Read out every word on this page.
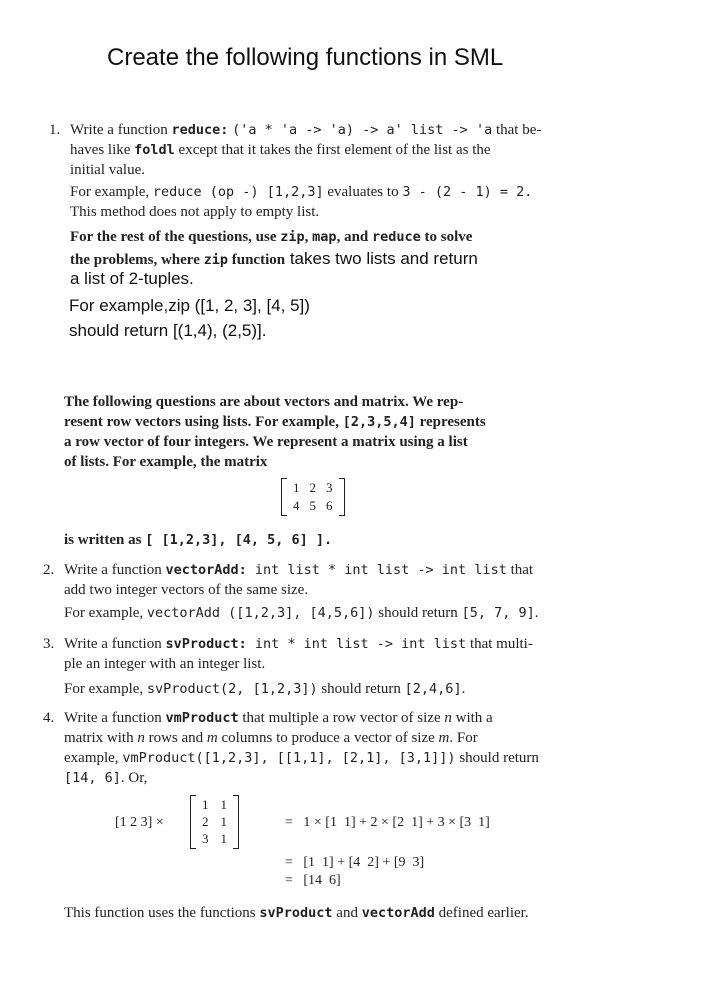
Create the following functions in SML
1. Write a function reduce: ('a * 'a -> 'a) -> a' list -> 'a that be-
haves like foldl except that it takes the first element of the list as the
initial value.
For example, reduce (op -) [1,2,3] evaluates to 3 - (2 - 1) = 2.
This method does not apply to empty list.
For the rest of the questions, use zip, map, and reduce to solve
the problems, where zip function takes two lists and return
a list of 2-tuples.
For example,zip ([1, 2, 3], [4, 5])
should return [(1,4), (2,5)].
The following questions are about vectors and matrix. We rep-
resent row vectors using lists. For example, [2,3,5,4] represents
a row vector of four integers. We represent a matrix using a list
of lists. For example, the matrix
1 2 3
4 5 6
is written as [ [1,2,3], [4, 5, 6] ].
2. Write a function vectorAdd: int list * int list -> int list that
add two integer vectors of the same size.
For example, vectorAdd ([1,2,3], [4,5,6]) should return [5, 7, 9].
3. Write a function svProduct: int * int list -> int list that multi-
ple an integer with an integer list.
For example, svProduct(2, [1,2,3]) should return [2,4,6].
4. Write a function vmProduct that multiple a row vector of size n with a
matrix with n rows and m columns to produce a vector of size m. For
example, vmProduct([1,2,3], [[1,1], [2,1], [3,1]]) should return
[14, 6]. Or,
[1 2 3] ×
1 1
2 1
3 1
=   1 × [1  1] + 2 × [2  1] + 3 × [3  1]
=   [1  1] + [4  2] + [9  3]
=   [14  6]
This function uses the functions svProduct and vectorAdd defined earlier.
